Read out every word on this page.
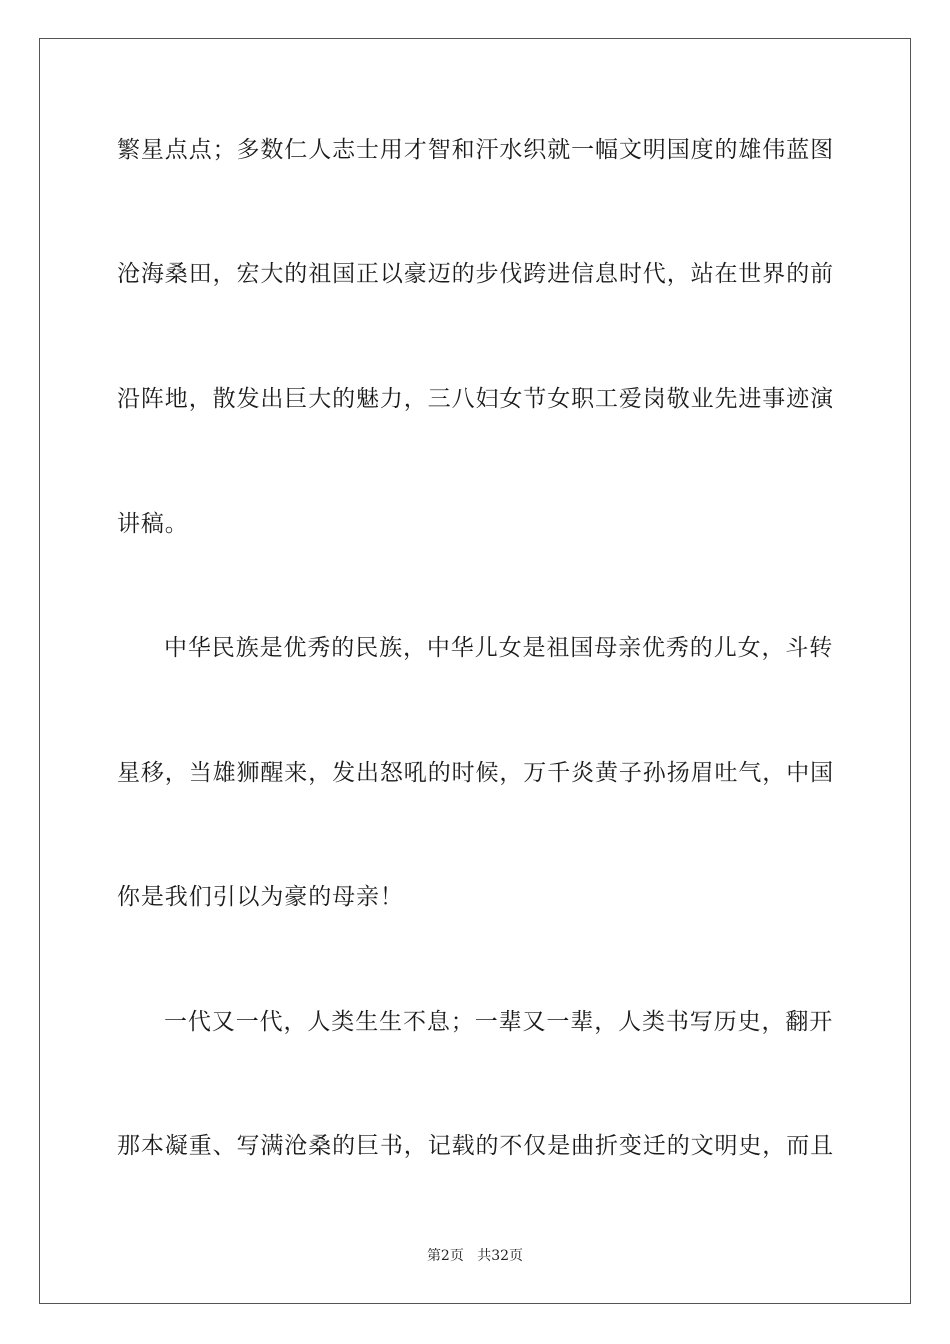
繁星点点；多数仁人志士用才智和汗水织就一幅文明国度的雄伟蓝图

沧海桑田，宏大的祖国正以豪迈的步伐跨进信息时代，站在世界的前

沿阵地，散发出巨大的魅力，三八妇女节女职工爱岗敬业先进事迹演

讲稿。

中华民族是优秀的民族，中华儿女是祖国母亲优秀的儿女，斗转

星移，当雄狮醒来，发出怒吼的时候，万千炎黄子孙扬眉吐气，中国

你是我们引以为豪的母亲！

一代又一代，人类生生不息；一辈又一辈，人类书写历史，翻开

那本凝重、写满沧桑的巨书，记载的不仅是曲折变迁的文明史，而且

第2页 共32页
